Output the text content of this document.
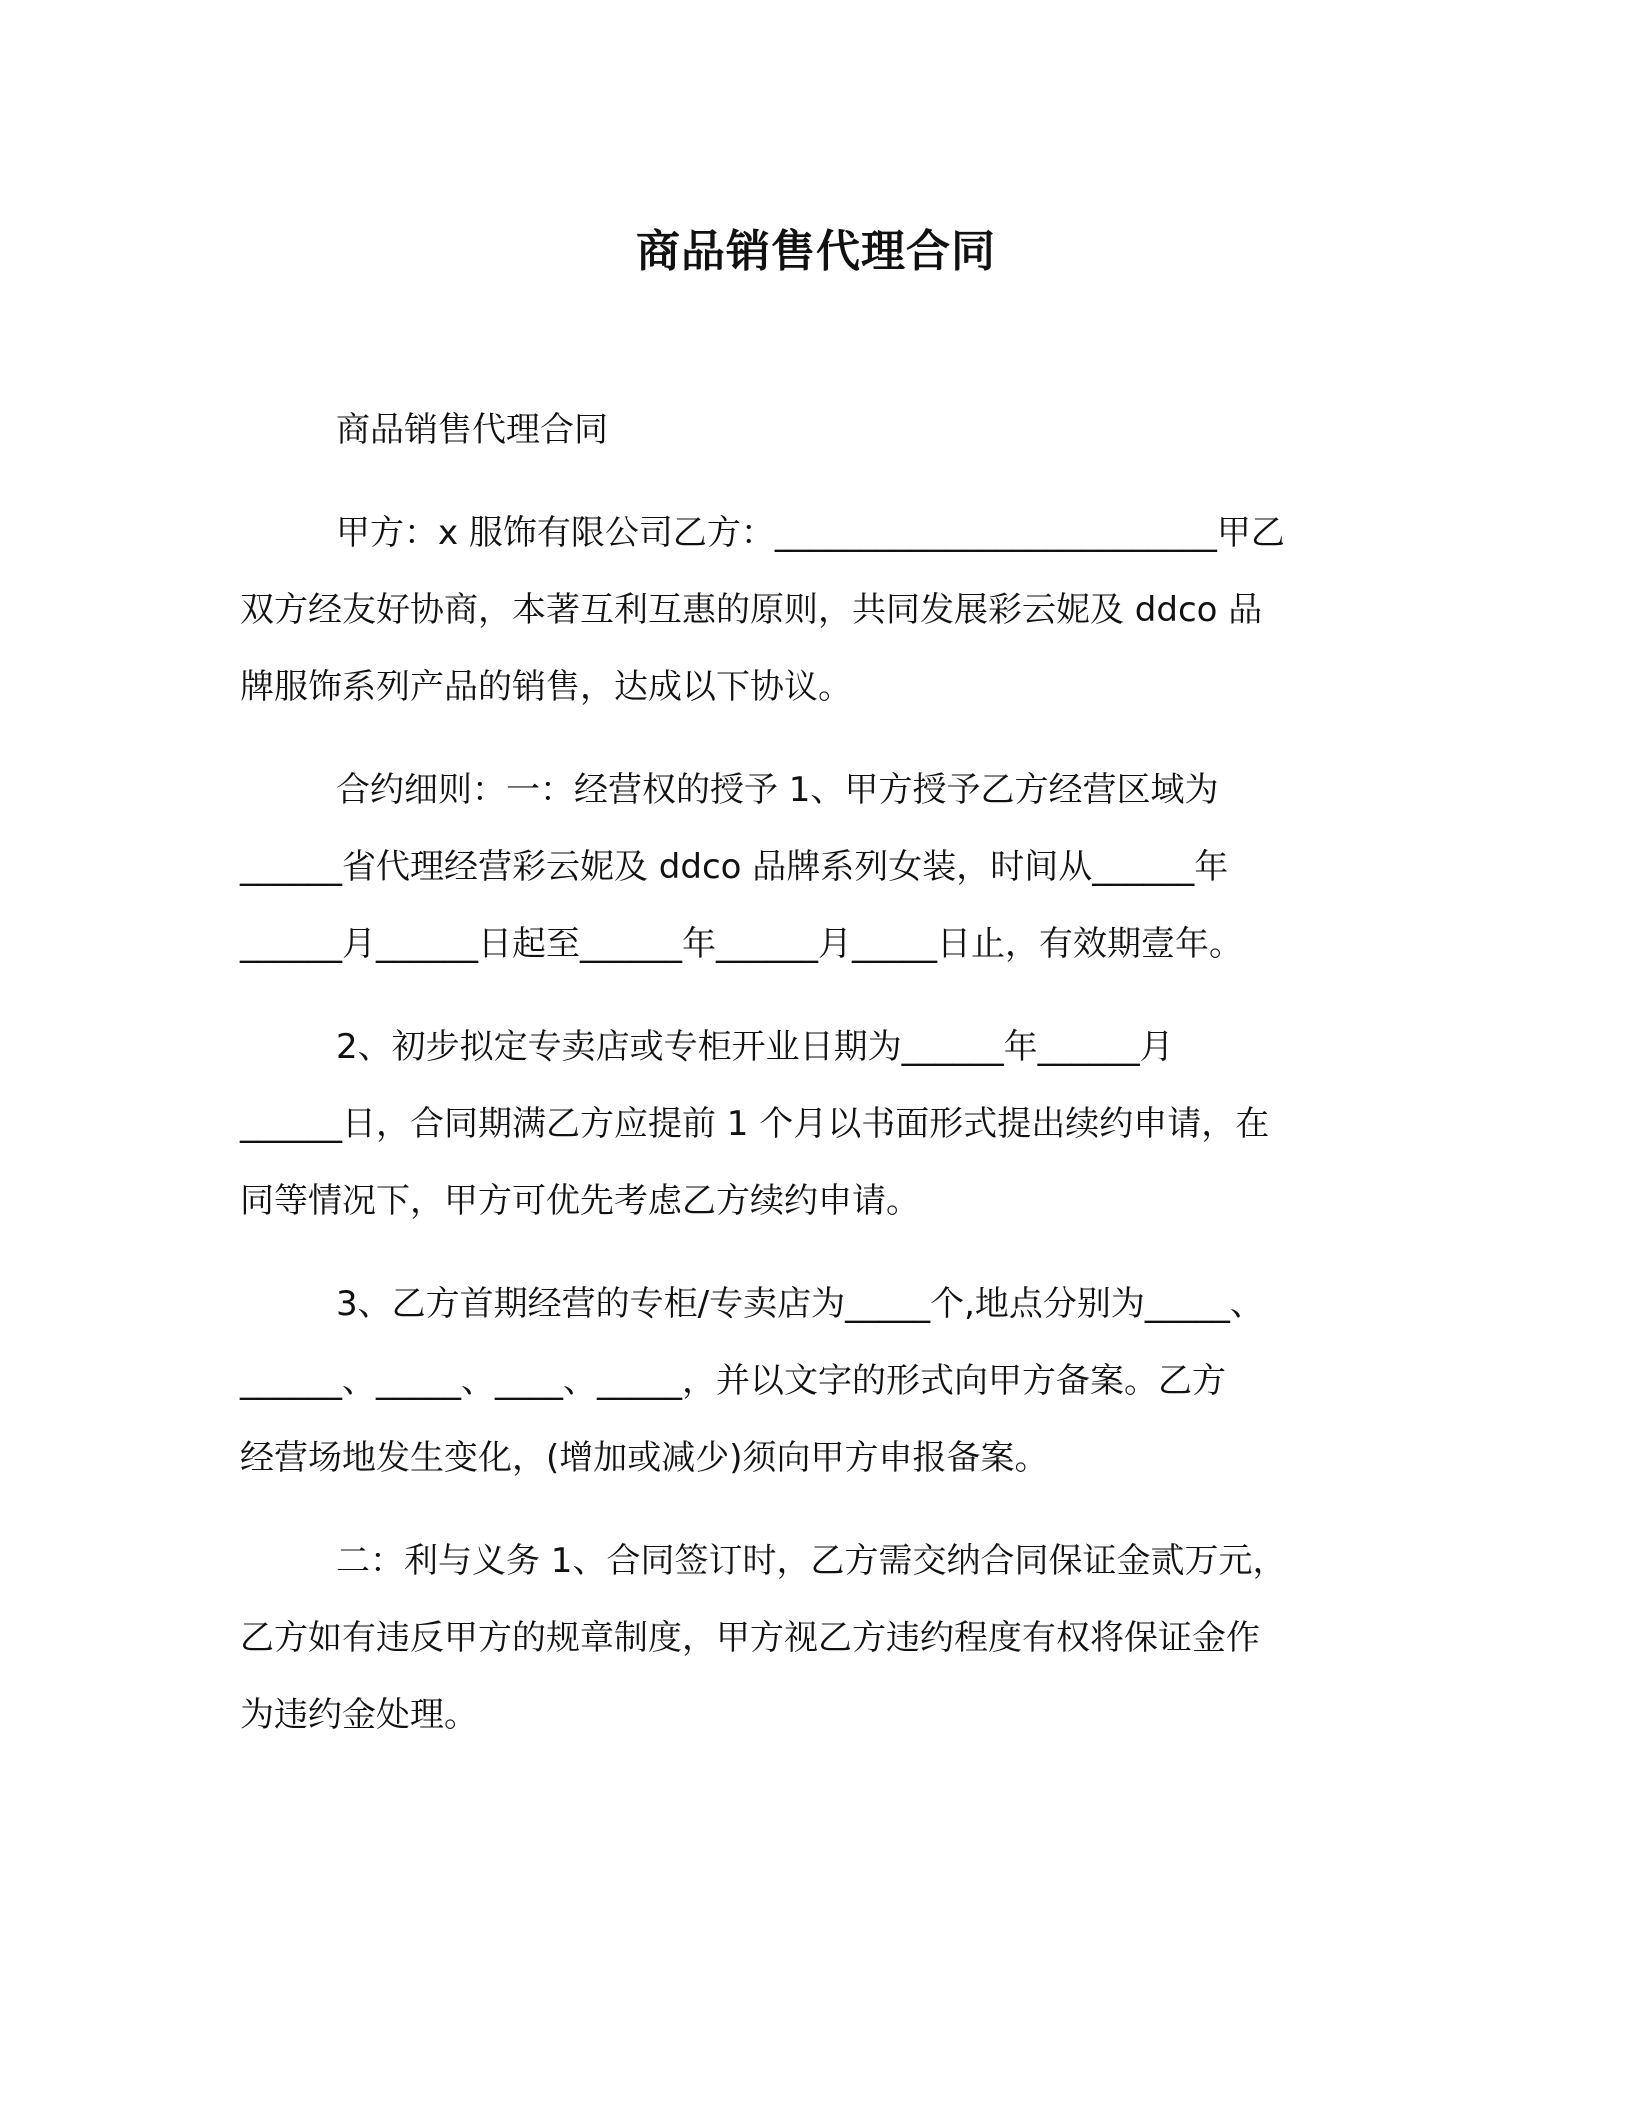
商品销售代理合同

商品销售代理合同

甲方：x 服饰有限公司乙方：__________________________甲乙
双方经友好协商，本著互利互惠的原则，共同发展彩云妮及 ddco 品
牌服饰系列产品的销售，达成以下协议。

合约细则：一：经营权的授予 1、甲方授予乙方经营区域为
______省代理经营彩云妮及 ddco 品牌系列女装，时间从______年
______月______日起至______年______月_____日止，有效期壹年。

2、初步拟定专卖店或专柜开业日期为______年______月
______日，合同期满乙方应提前 1 个月以书面形式提出续约申请，在
同等情况下，甲方可优先考虑乙方续约申请。

3、乙方首期经营的专柜/专卖店为_____个,地点分别为_____、
______、_____、____、_____，并以文字的形式向甲方备案。乙方
经营场地发生变化，(增加或减少)须向甲方申报备案。

二：利与义务 1、合同签订时，乙方需交纳合同保证金贰万元，
乙方如有违反甲方的规章制度，甲方视乙方违约程度有权将保证金作
为违约金处理。
